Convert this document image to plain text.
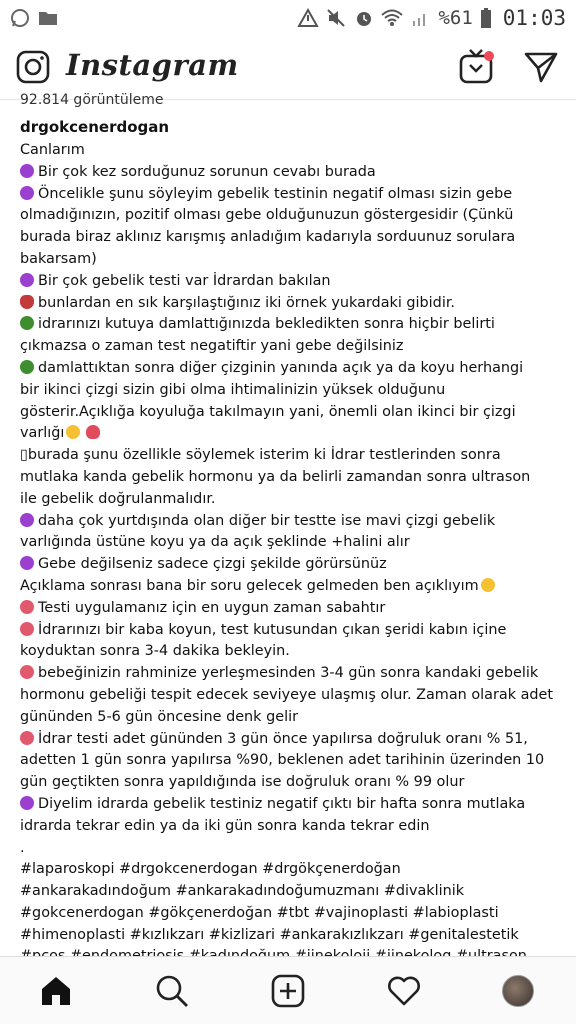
%61 01:03
Instagram
92.814 görüntüleme
drgokcenerdogan
Canlarım
Bir çok kez sorduğunuz sorunun cevabı burada
Öncelikle şunu söyleyim gebelik testinin negatif olması sizin gebe
olmadığınızın, pozitif olması gebe olduğunuzun göstergesidir (Çünkü
burada biraz aklınız karışmış anladığım kadarıyla sorduunuz sorulara
bakarsam)
Bir çok gebelik testi var İdrardan bakılan
bunlardan en sık karşılaştığınız iki örnek yukardaki gibidir.
idrarınızı kutuya damlattığınızda bekledikten sonra hiçbir belirti
çıkmazsa o zaman test negatiftir yani gebe değilsiniz
damlattıktan sonra diğer çizginin yanında açık ya da koyu herhangi
bir ikinci çizgi sizin gibi olma ihtimalinizin yüksek olduğunu
gösterir.Açıklığa koyuluğa takılmayın yani, önemli olan ikinci bir çizgi
varlığı
▯burada şunu özellikle söylemek isterim ki İdrar testlerinden sonra
mutlaka kanda gebelik hormonu ya da belirli zamandan sonra ultrason
ile gebelik doğrulanmalıdır.
daha çok yurtdışında olan diğer bir testte ise mavi çizgi gebelik
varlığında üstüne koyu ya da açık şeklinde +halini alır
Gebe değilseniz sadece çizgi şekilde görürsünüz
Açıklama sonrası bana bir soru gelecek gelmeden ben açıklıyım
Testi uygulamanız için en uygun zaman sabahtır
İdrarınızı bir kaba koyun, test kutusundan çıkan şeridi kabın içine
koyduktan sonra 3-4 dakika bekleyin.
bebeğinizin rahminize yerleşmesinden 3-4 gün sonra kandaki gebelik
hormonu gebeliği tespit edecek seviyeye ulaşmış olur. Zaman olarak adet
gününden 5-6 gün öncesine denk gelir
İdrar testi adet gününden 3 gün önce yapılırsa doğruluk oranı % 51,
adetten 1 gün sonra yapılırsa %90, beklenen adet tarihinin üzerinden 10
gün geçtikten sonra yapıldığında ise doğruluk oranı % 99 olur
Diyelim idrarda gebelik testiniz negatif çıktı bir hafta sonra mutlaka
idrarda tekrar edin ya da iki gün sonra kanda tekrar edin
.
#laparoskopi #drgokcenerdogan #drgökçenerdoğan
#ankarakadındoğum #ankarakadındoğumuzmanı #divaklinik
#gokcenerdogan #gökçenerdoğan #tbt #vajinoplasti #labioplasti
#himenoplasti #kızlıkzarı #kizlizari #ankarakızlıkzarı #genitalestetik
